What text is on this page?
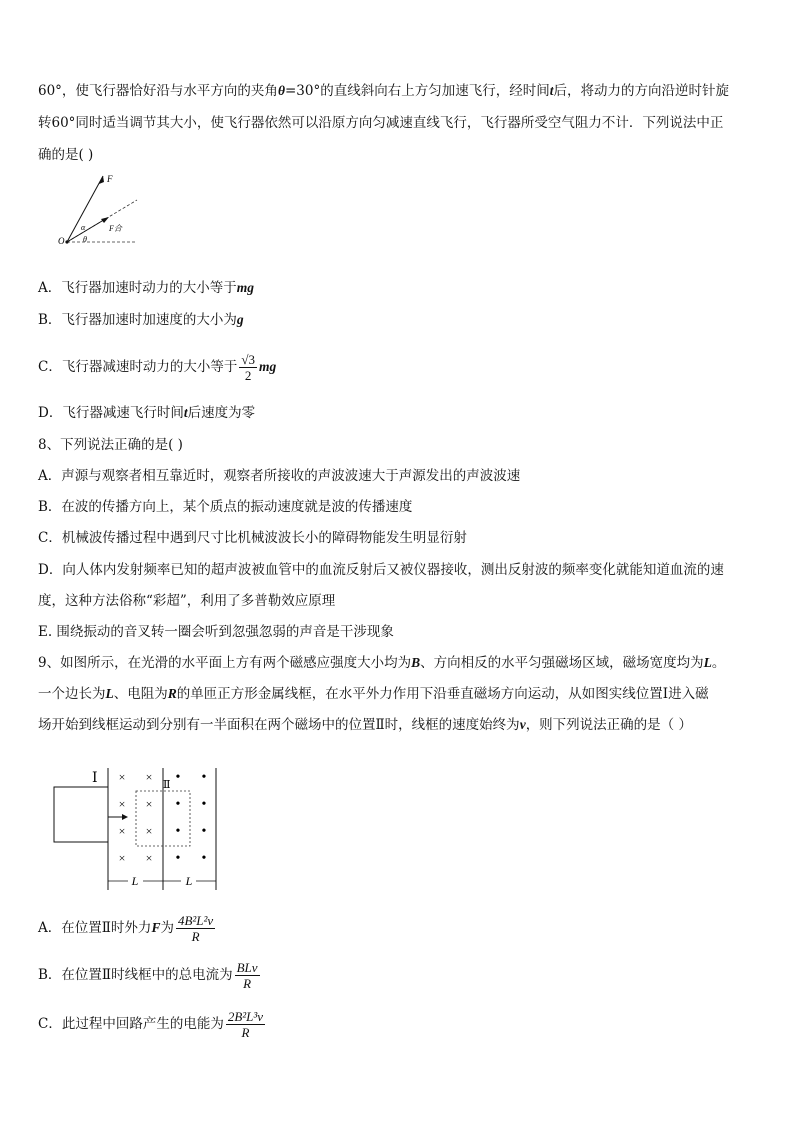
60°，使飞行器恰好沿与水平方向的夹角θ=30°的直线斜向右上方匀加速飞行，经时间t后，将动力的方向沿逆时针旋
转60°同时适当调节其大小，使飞行器依然可以沿原方向匀减速直线飞行，飞行器所受空气阻力不计．下列说法中正
确的是( )
F
α
θ
O
F合
A．飞行器加速时动力的大小等于mg
B．飞行器加速时加速度的大小为g
C．飞行器减速时动力的大小等于 $\frac{√3}{2}$ mg
D．飞行器减速飞行时间t后速度为零
8、下列说法正确的是( )
A．声源与观察者相互靠近时，观察者所接收的声波波速大于声源发出的声波波速
B．在波的传播方向上，某个质点的振动速度就是波的传播速度
C．机械波传播过程中遇到尺寸比机械波波长小的障碍物能发生明显衍射
D．向人体内发射频率已知的超声波被血管中的血流反射后又被仪器接收，测出反射波的频率变化就能知道血流的速
度，这种方法俗称“彩超”，利用了多普勒效应原理
E. 围绕振动的音叉转一圈会听到忽强忽弱的声音是干涉现象
9、如图所示，在光滑的水平面上方有两个磁感应强度大小均为B、方向相反的水平匀强磁场区域，磁场宽度均为L。
一个边长为L、电阻为R的单匝正方形金属线框，在水平外力作用下沿垂直磁场方向运动，从如图实线位置Ⅰ进入磁
场开始到线框运动到分别有一半面积在两个磁场中的位置Ⅱ时，线框的速度始终为v，则下列说法正确的是（ ）
Ⅰ	Ⅱ
× ×
× ×
× ×
× ×
• •
• •
• •
• •
L	L
A．在位置Ⅱ时外力F为 $\frac{\text{4B²L²v}}{R}$
B．在位置Ⅱ时线框中的总电流为 $\frac{\text{BLv}}{R}$
C．此过程中回路产生的电能为 $\frac{\text{2B²L³v}}{R}$
